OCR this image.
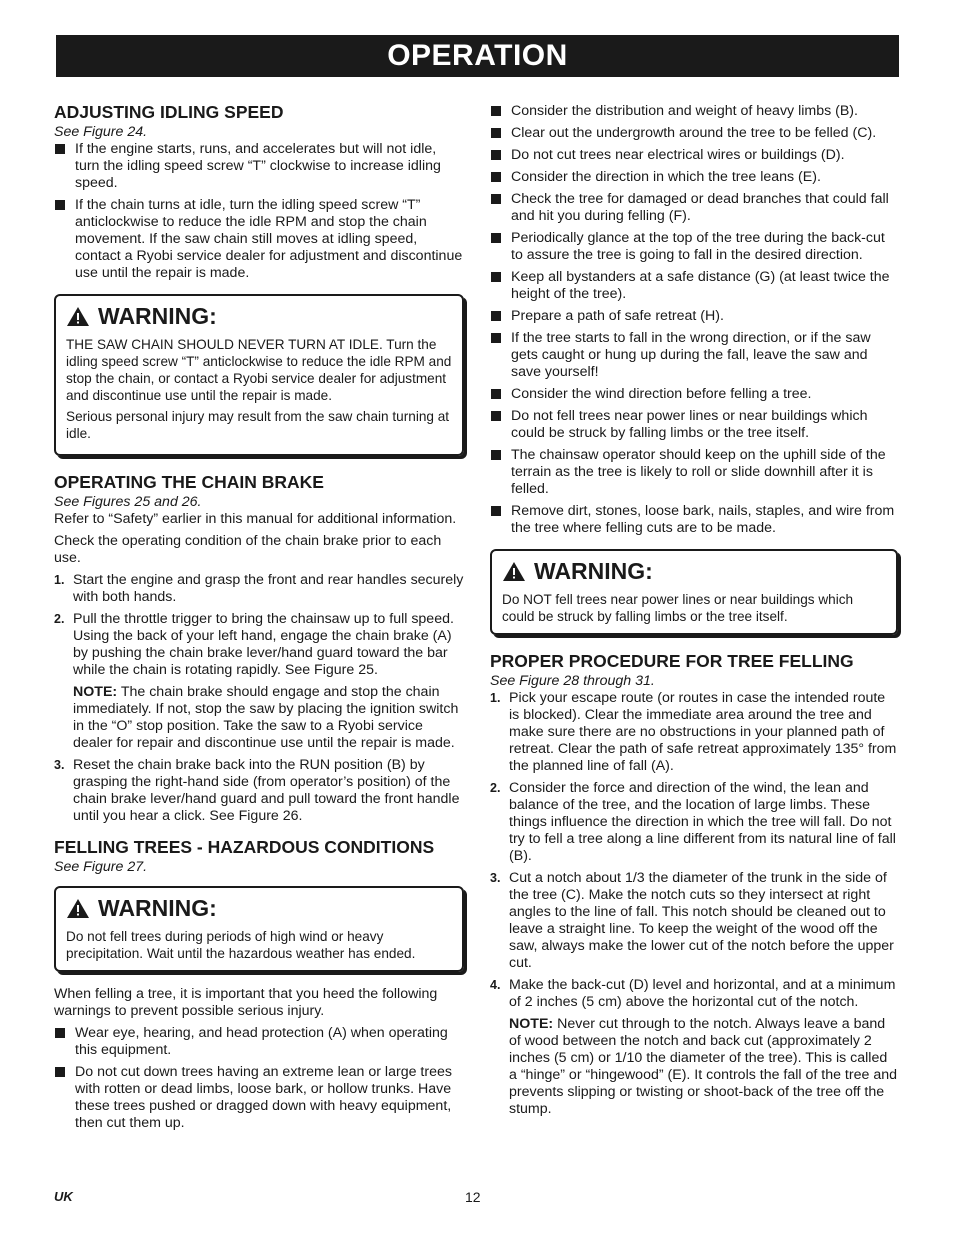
OPERATION

ADJUSTING IDLING SPEED

See Figure 24.

If the engine starts, runs, and accelerates but will not idle, turn the idling speed screw “T” clockwise to increase idling speed.
If the chain turns at idle, turn the idling speed screw “T” anticlockwise to reduce the idle RPM and stop the chain movement. If the saw chain still moves at idling speed, contact a Ryobi service dealer for adjustment and discontinue use until the repair is made.
WARNING:

THE SAW CHAIN SHOULD NEVER TURN AT IDLE. Turn the idling speed screw “T” anticlockwise to reduce the idle RPM and stop the chain, or contact a Ryobi service dealer for adjustment and discontinue use until the repair is made.

Serious personal injury may result from the saw chain turning at idle.

OPERATING THE CHAIN BRAKE

See Figures 25 and 26.

Refer to “Safety” earlier in this manual for additional information.

Check the operating condition of the chain brake prior to each use.

1. Start the engine and grasp the front and rear handles securely with both hands.
2. Pull the throttle trigger to bring the chainsaw up to full speed. Using the back of your left hand, engage the chain brake (A) by pushing the chain brake lever/hand guard toward the bar while the chain is rotating rapidly. See Figure 25.
NOTE: The chain brake should engage and stop the chain immediately. If not, stop the saw by placing the ignition switch in the “O” stop position. Take the saw to a Ryobi service dealer for repair and discontinue use until the repair is made.
3. Reset the chain brake back into the RUN position (B) by grasping the right-hand side (from operator’s position) of the chain brake lever/hand guard and pull toward the front handle until you hear a click. See Figure 26.

FELLING TREES - HAZARDOUS CONDITIONS

See Figure 27.

WARNING:
Do not fell trees during periods of high wind or heavy precipitation. Wait until the hazardous weather has ended.

When felling a tree, it is important that you heed the following warnings to prevent possible serious injury.

Wear eye, hearing, and head protection (A) when operating this equipment.
Do not cut down trees having an extreme lean or large trees with rotten or dead limbs, loose bark, or hollow trunks. Have these trees pushed or dragged down with heavy equipment, then cut them up.
Consider the distribution and weight of heavy limbs (B).
Clear out the undergrowth around the tree to be felled (C).
Do not cut trees near electrical wires or buildings (D).
Consider the direction in which the tree leans (E).
Check the tree for damaged or dead branches that could fall and hit you during felling (F).
Periodically glance at the top of the tree during the back-cut to assure the tree is going to fall in the desired direction.
Keep all bystanders at a safe distance (G) (at least twice the height of the tree).
Prepare a path of safe retreat (H).
If the tree starts to fall in the wrong direction, or if the saw gets caught or hung up during the fall, leave the saw and save yourself!
Consider the wind direction before felling a tree.
Do not fell trees near power lines or near buildings which could be struck by falling limbs or the tree itself.
The chainsaw operator should keep on the uphill side of the terrain as the tree is likely to roll or slide downhill after it is felled.
Remove dirt, stones, loose bark, nails, staples, and wire from the tree where felling cuts are to be made.
WARNING:
Do NOT fell trees near power lines or near buildings which could be struck by falling limbs or the tree itself.

PROPER PROCEDURE FOR TREE FELLING

See Figure 28 through 31.

1. Pick your escape route (or routes in case the intended route is blocked). Clear the immediate area around the tree and make sure there are no obstructions in your planned path of retreat. Clear the path of safe retreat approximately 135° from the planned line of fall (A).
2. Consider the force and direction of the wind, the lean and balance of the tree, and the location of large limbs. These things influence the direction in which the tree will fall. Do not try to fell a tree along a line different from its natural line of fall (B).
3. Cut a notch about 1/3 the diameter of the trunk in the side of the tree (C). Make the notch cuts so they intersect at right angles to the line of fall. This notch should be cleaned out to leave a straight line. To keep the weight of the wood off the saw, always make the lower cut of the notch before the upper cut.
4. Make the back-cut (D) level and horizontal, and at a minimum of 2 inches (5 cm) above the horizontal cut of the notch.
NOTE: Never cut through to the notch. Always leave a band of wood between the notch and back cut (approximately 2 inches (5 cm) or 1/10 the diameter of the tree). This is called a “hinge” or “hingewood” (E). It controls the fall of the tree and prevents slipping or twisting or shoot-back of the tree off the stump.
UK	12
